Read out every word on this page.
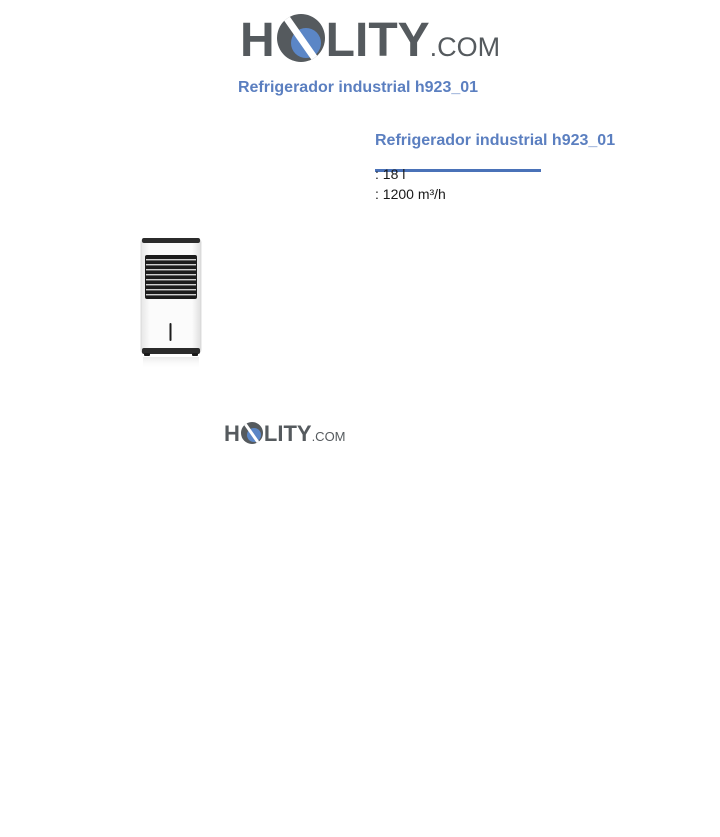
H LITY .COM
Refrigerador industrial h923_01
Refrigerador industrial h923_01
: 18 l
: 1200 m³/h
H LITY .COM
